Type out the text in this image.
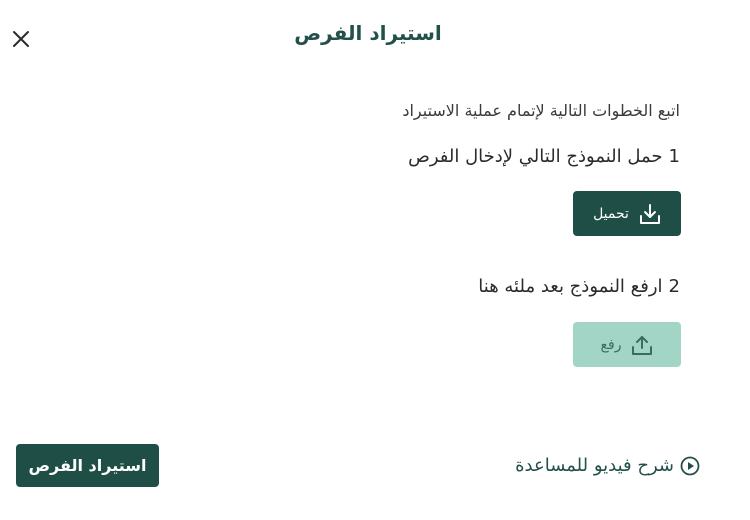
استيراد الفرص

اتبع الخطوات التالية لإتمام عملية الاستيراد

1
حمل النموذج التالي لإدخال الفرص

تحميل

2
ارفع النموذج بعد ملئه هنا

رفع
شرح فيديو للمساعدة
استيراد الفرص
